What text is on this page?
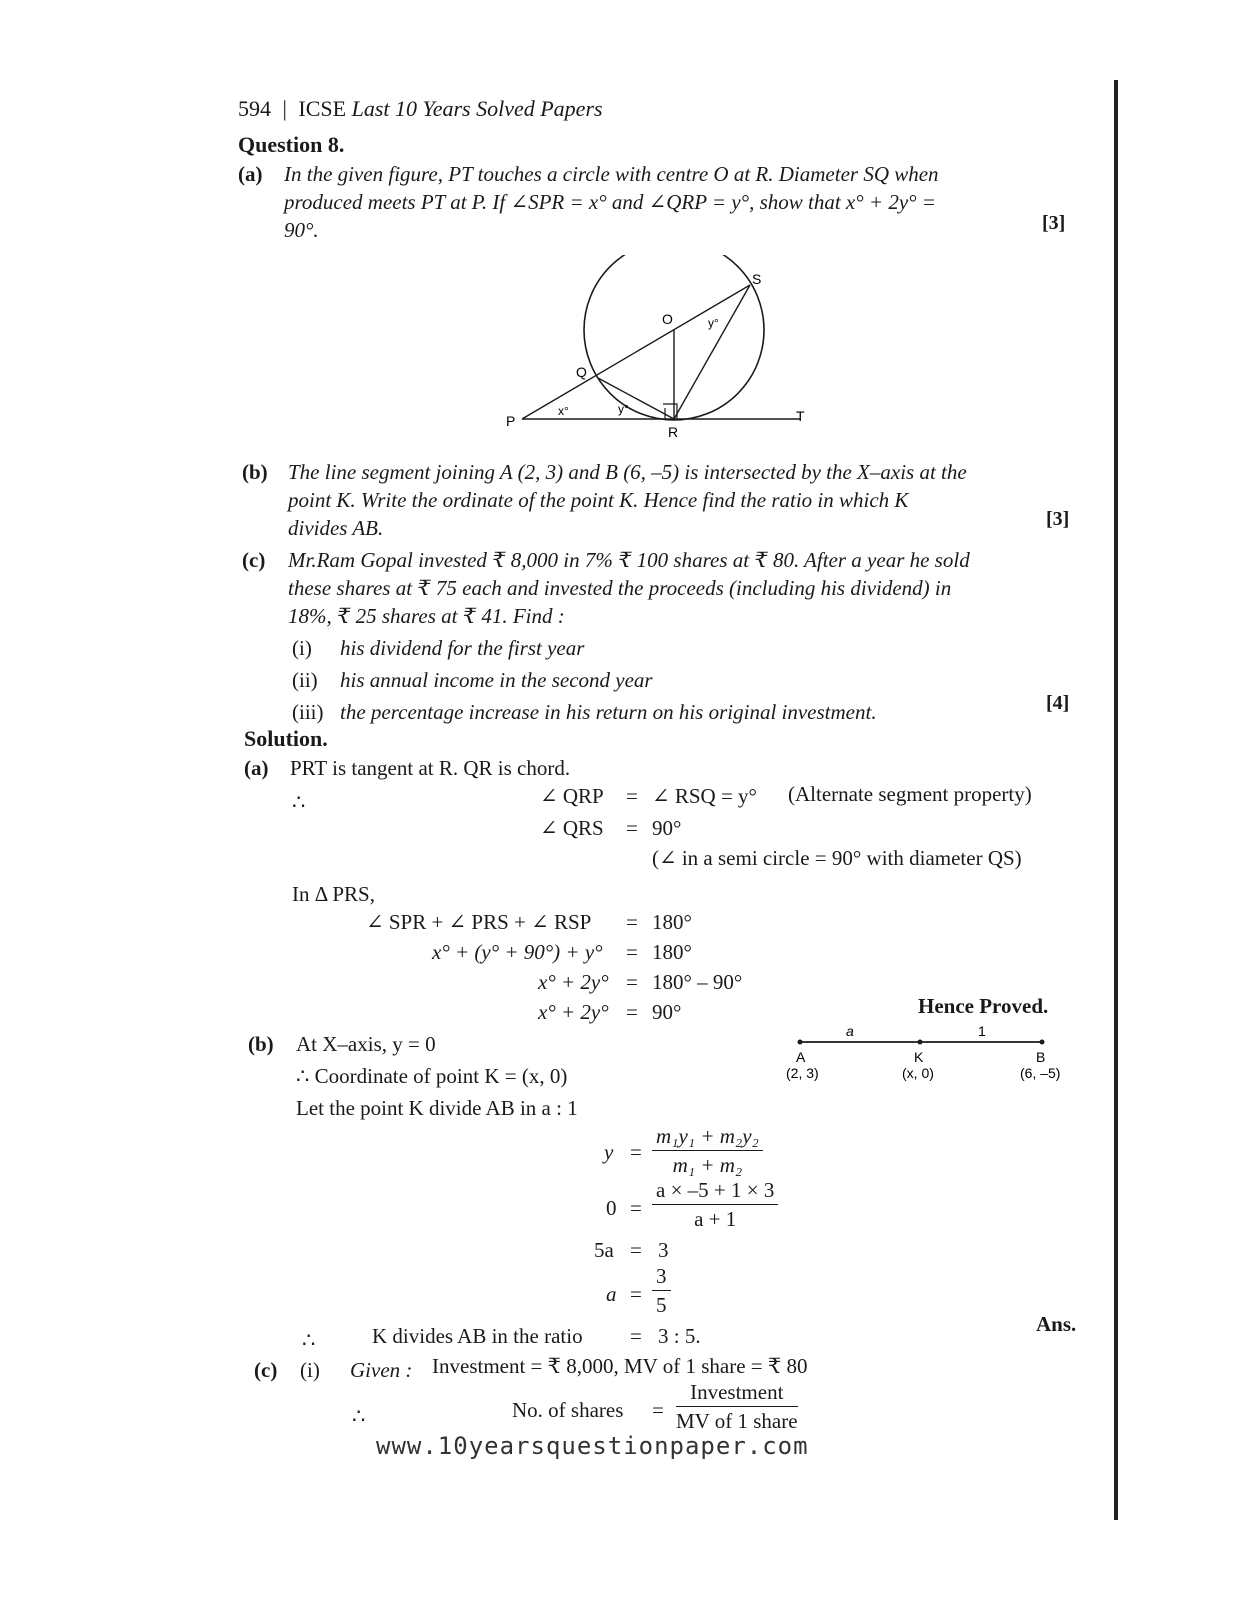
594 | ICSE Last 10 Years Solved Papers
Question 8.
(a) In the given figure, PT touches a circle with centre O at R. Diameter SQ when
produced meets PT at P. If ∠SPR = x° and ∠QRP = y°, show that x° + 2y° =
90°.	[3]
S
O
Q
P
R
T
x°
y°
y°
(b) The line segment joining A (2, 3) and B (6, –5) is intersected by the X–axis at the
point K. Write the ordinate of the point K. Hence find the ratio in which K
divides AB.	[3]
(c) Mr.Ram Gopal invested ₹ 8,000 in 7% ₹ 100 shares at ₹ 80. After a year he sold
these shares at ₹ 75 each and invested the proceeds (including his dividend) in
18%, ₹ 25 shares at ₹ 41. Find :
(i) his dividend for the first year
(ii) his annual income in the second year
(iii) the percentage increase in his return on his original investment.	[4]
Solution.
(a) PRT is tangent at R. QR is chord.
∴	∠ QRP = ∠ RSQ = y° (Alternate segment property)
∠ QRS = 90°
(∠ in a semi circle = 90° with diameter QS)
In Δ PRS,
∠ SPR + ∠ PRS + ∠ RSP = 180°
x° + (y° + 90°) + y° = 180°
x° + 2y° = 180° – 90°
x° + 2y° = 90°	Hence Proved.
(b) At X–axis, y = 0
∴ Coordinate of point K = (x, 0)
Let the point K divide AB in a : 1
a	1
A
(2, 3)
K
(x, 0)
B
(6, –5)
$y = \frac{\text{m₁y₁ + m₂y₂}}{\text{m₁ + m₂}}$
$0 = \frac{a \times -5 + 1 \times 3}{a + 1}$
5a = 3
$a = \frac{3}{5}$
∴	K divides AB in the ratio = 3 : 5.	Ans.
(c) (i) Given : Investment = ₹ 8,000, MV of 1 share = ₹ 80
∴	No. of shares =
Investment
MV of 1 share
www.10yearsquestionpaper.com
